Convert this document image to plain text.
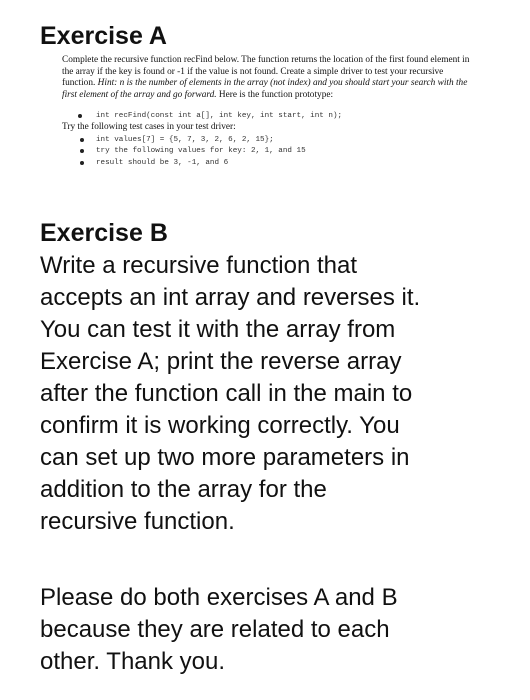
Exercise A

Complete the recursive function recFind below. The function returns the location of the first found element in the array if the key is found or -1 if the value is not found. Create a simple driver to test your recursive function. Hint: n is the number of elements in the array (not index) and you should start your search with the first element of the array and go forward. Here is the function prototype:

int recFind(const int a[], int key, int start, int n);

Try the following test cases in your test driver:

int values[7] = {5, 7, 3, 2, 6, 2, 15};
try the following values for key: 2, 1, and 15
result should be 3, -1, and 6
Exercise B

Write a recursive function that
accepts an int array and reverses it.
You can test it with the array from
Exercise A; print the reverse array
after the function call in the main to
confirm it is working correctly. You
can set up two more parameters in
addition to the array for the
recursive function.

Please do both exercises A and B
because they are related to each
other. Thank you.
